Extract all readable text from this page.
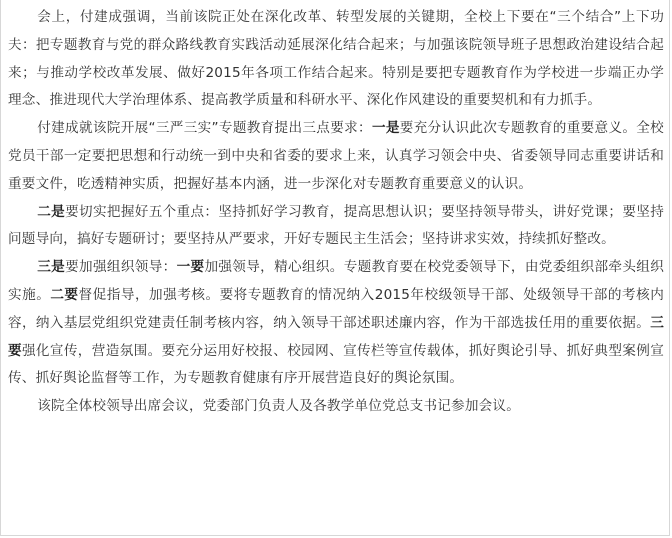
会上，付建成强调，当前该院正处在深化改革、转型发展的关键期，全校上下要在“三个结合”上下功夫：把专题教育与党的群众路线教育实践活动延展深化结合起来；与加强该院领导班子思想政治建设结合起来；与推动学校改革发展、做好2015年各项工作结合起来。特别是要把专题教育作为学校进一步端正办学理念、推进现代大学治理体系、提高教学质量和科研水平、深化作风建设的重要契机和有力抓手。

付建成就该院开展“三严三实”专题教育提出三点要求：一是要充分认识此次专题教育的重要意义。全校党员干部一定要把思想和行动统一到中央和省委的要求上来，认真学习领会中央、省委领导同志重要讲话和重要文件，吃透精神实质，把握好基本内涵，进一步深化对专题教育重要意义的认识。

二是要切实把握好五个重点：坚持抓好学习教育，提高思想认识；要坚持领导带头，讲好党课；要坚持问题导向，搞好专题研讨；要坚持从严要求，开好专题民主生活会；坚持讲求实效，持续抓好整改。

三是要加强组织领导：一要加强领导，精心组织。专题教育要在校党委领导下，由党委组织部牵头组织实施。二要督促指导，加强考核。要将专题教育的情况纳入2015年校级领导干部、处级领导干部的考核内容，纳入基层党组织党建责任制考核内容，纳入领导干部述职述廉内容，作为干部选拔任用的重要依据。三要强化宣传，营造氛围。要充分运用好校报、校园网、宣传栏等宣传载体，抓好舆论引导、抓好典型案例宣传、抓好舆论监督等工作，为专题教育健康有序开展营造良好的舆论氛围。

该院全体校领导出席会议，党委部门负责人及各教学单位党总支书记参加会议。
